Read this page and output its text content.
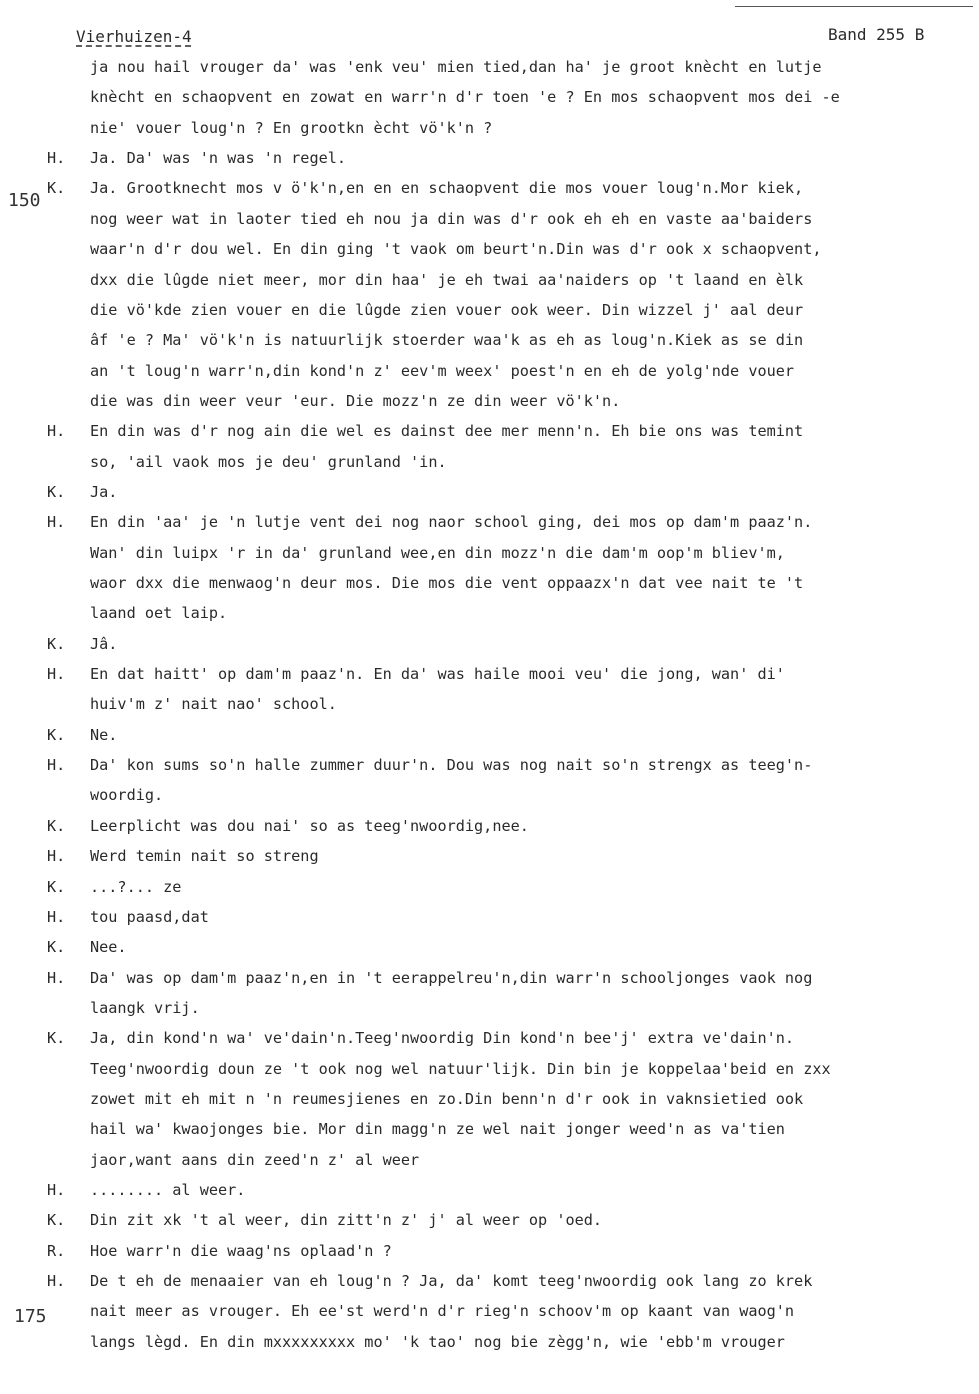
Vierhuizen-4	Band 255 B
150
175
ja nou hail vrouger da' was 'enk veu' mien tied,dan ha' je groot knècht en lutje
knècht en schaopvent en zowat en warr'n d'r toen 'e ? En mos schaopvent mos dei -e
nie' vouer loug'n ? En grootkn ècht vö'k'n ?
H.	Ja. Da' was 'n was 'n regel.
K.	Ja. Grootknecht mos v ö'k'n,en en en schaopvent die mos vouer loug'n.Mor kiek,
nog weer wat in laoter tied eh nou ja din was d'r ook eh eh en vaste aa'baiders
waar'n d'r dou wel. En din ging 't vaok om beurt'n.Din was d'r ook x schaopvent,
dxx die lûgde niet meer, mor din haa' je eh twai aa'naiders op 't laand en èlk
die vö'kde zien vouer en die lûgde zien vouer ook weer. Din wizzel j' aal deur
âf 'e ? Ma' vö'k'n is natuurlijk stoerder waa'k as eh as loug'n.Kiek as se din
an 't loug'n warr'n,din kond'n z' eev'm weex' poest'n en eh de yolg'nde vouer
die was din weer veur 'eur. Die mozz'n ze din weer vö'k'n.
H.	En din was d'r nog ain die wel es dainst dee mer menn'n. Eh bie ons was temint
so, 'ail vaok mos je deu' grunland 'in.
K.	Ja.
H.	En din 'aa' je 'n lutje vent dei nog naor school ging, dei mos op dam'm paaz'n.
Wan' din luipx 'r in da' grunland wee,en din mozz'n die dam'm oop'm bliev'm,
waor dxx die menwaog'n deur mos. Die mos die vent oppaazx'n dat vee nait te 't
laand oet laip.
K.	Jâ.
H.	En dat haitt' op dam'm paaz'n. En da' was haile mooi veu' die jong, wan' di'
huiv'm z' nait nao' school.
K.	Ne.
H.	Da' kon sums so'n halle zummer duur'n. Dou was nog nait so'n strengx as teeg'n-
woordig.
K.	Leerplicht was dou nai' so as teeg'nwoordig,nee.
H.	Werd temin nait so streng
K.	...?... ze
H.	tou paasd,dat
K.	Nee.
H.	Da' was op dam'm paaz'n,en in 't eerappelreu'n,din warr'n schooljonges vaok nog
laangk vrij.
K.	Ja, din kond'n wa' ve'dain'n.Teeg'nwoordig Din kond'n bee'j' extra ve'dain'n.
Teeg'nwoordig doun ze 't ook nog wel natuur'lijk. Din bin je koppelaa'beid en zxx
zowet mit eh mit n 'n reumesjienes en zo.Din benn'n d'r ook in vaknsietied ook
hail wa' kwaojonges bie. Mor din magg'n ze wel nait jonger weed'n as va'tien
jaor,want aans din zeed'n z' al weer
H.	........ al weer.
K.	Din zit xk 't al weer, din zitt'n z' j' al weer op 'oed.
R.	Hoe warr'n die waag'ns oplaad'n ?
H.	De t eh de menaaier van eh loug'n ? Ja, da' komt teeg'nwoordig ook lang zo krek
nait meer as vrouger. Eh ee'st werd'n d'r rieg'n schoov'm op kaant van waog'n
langs lègd. En din mxxxxxxxxx mo' 'k tao' nog bie zègg'n, wie 'ebb'm vrouger
